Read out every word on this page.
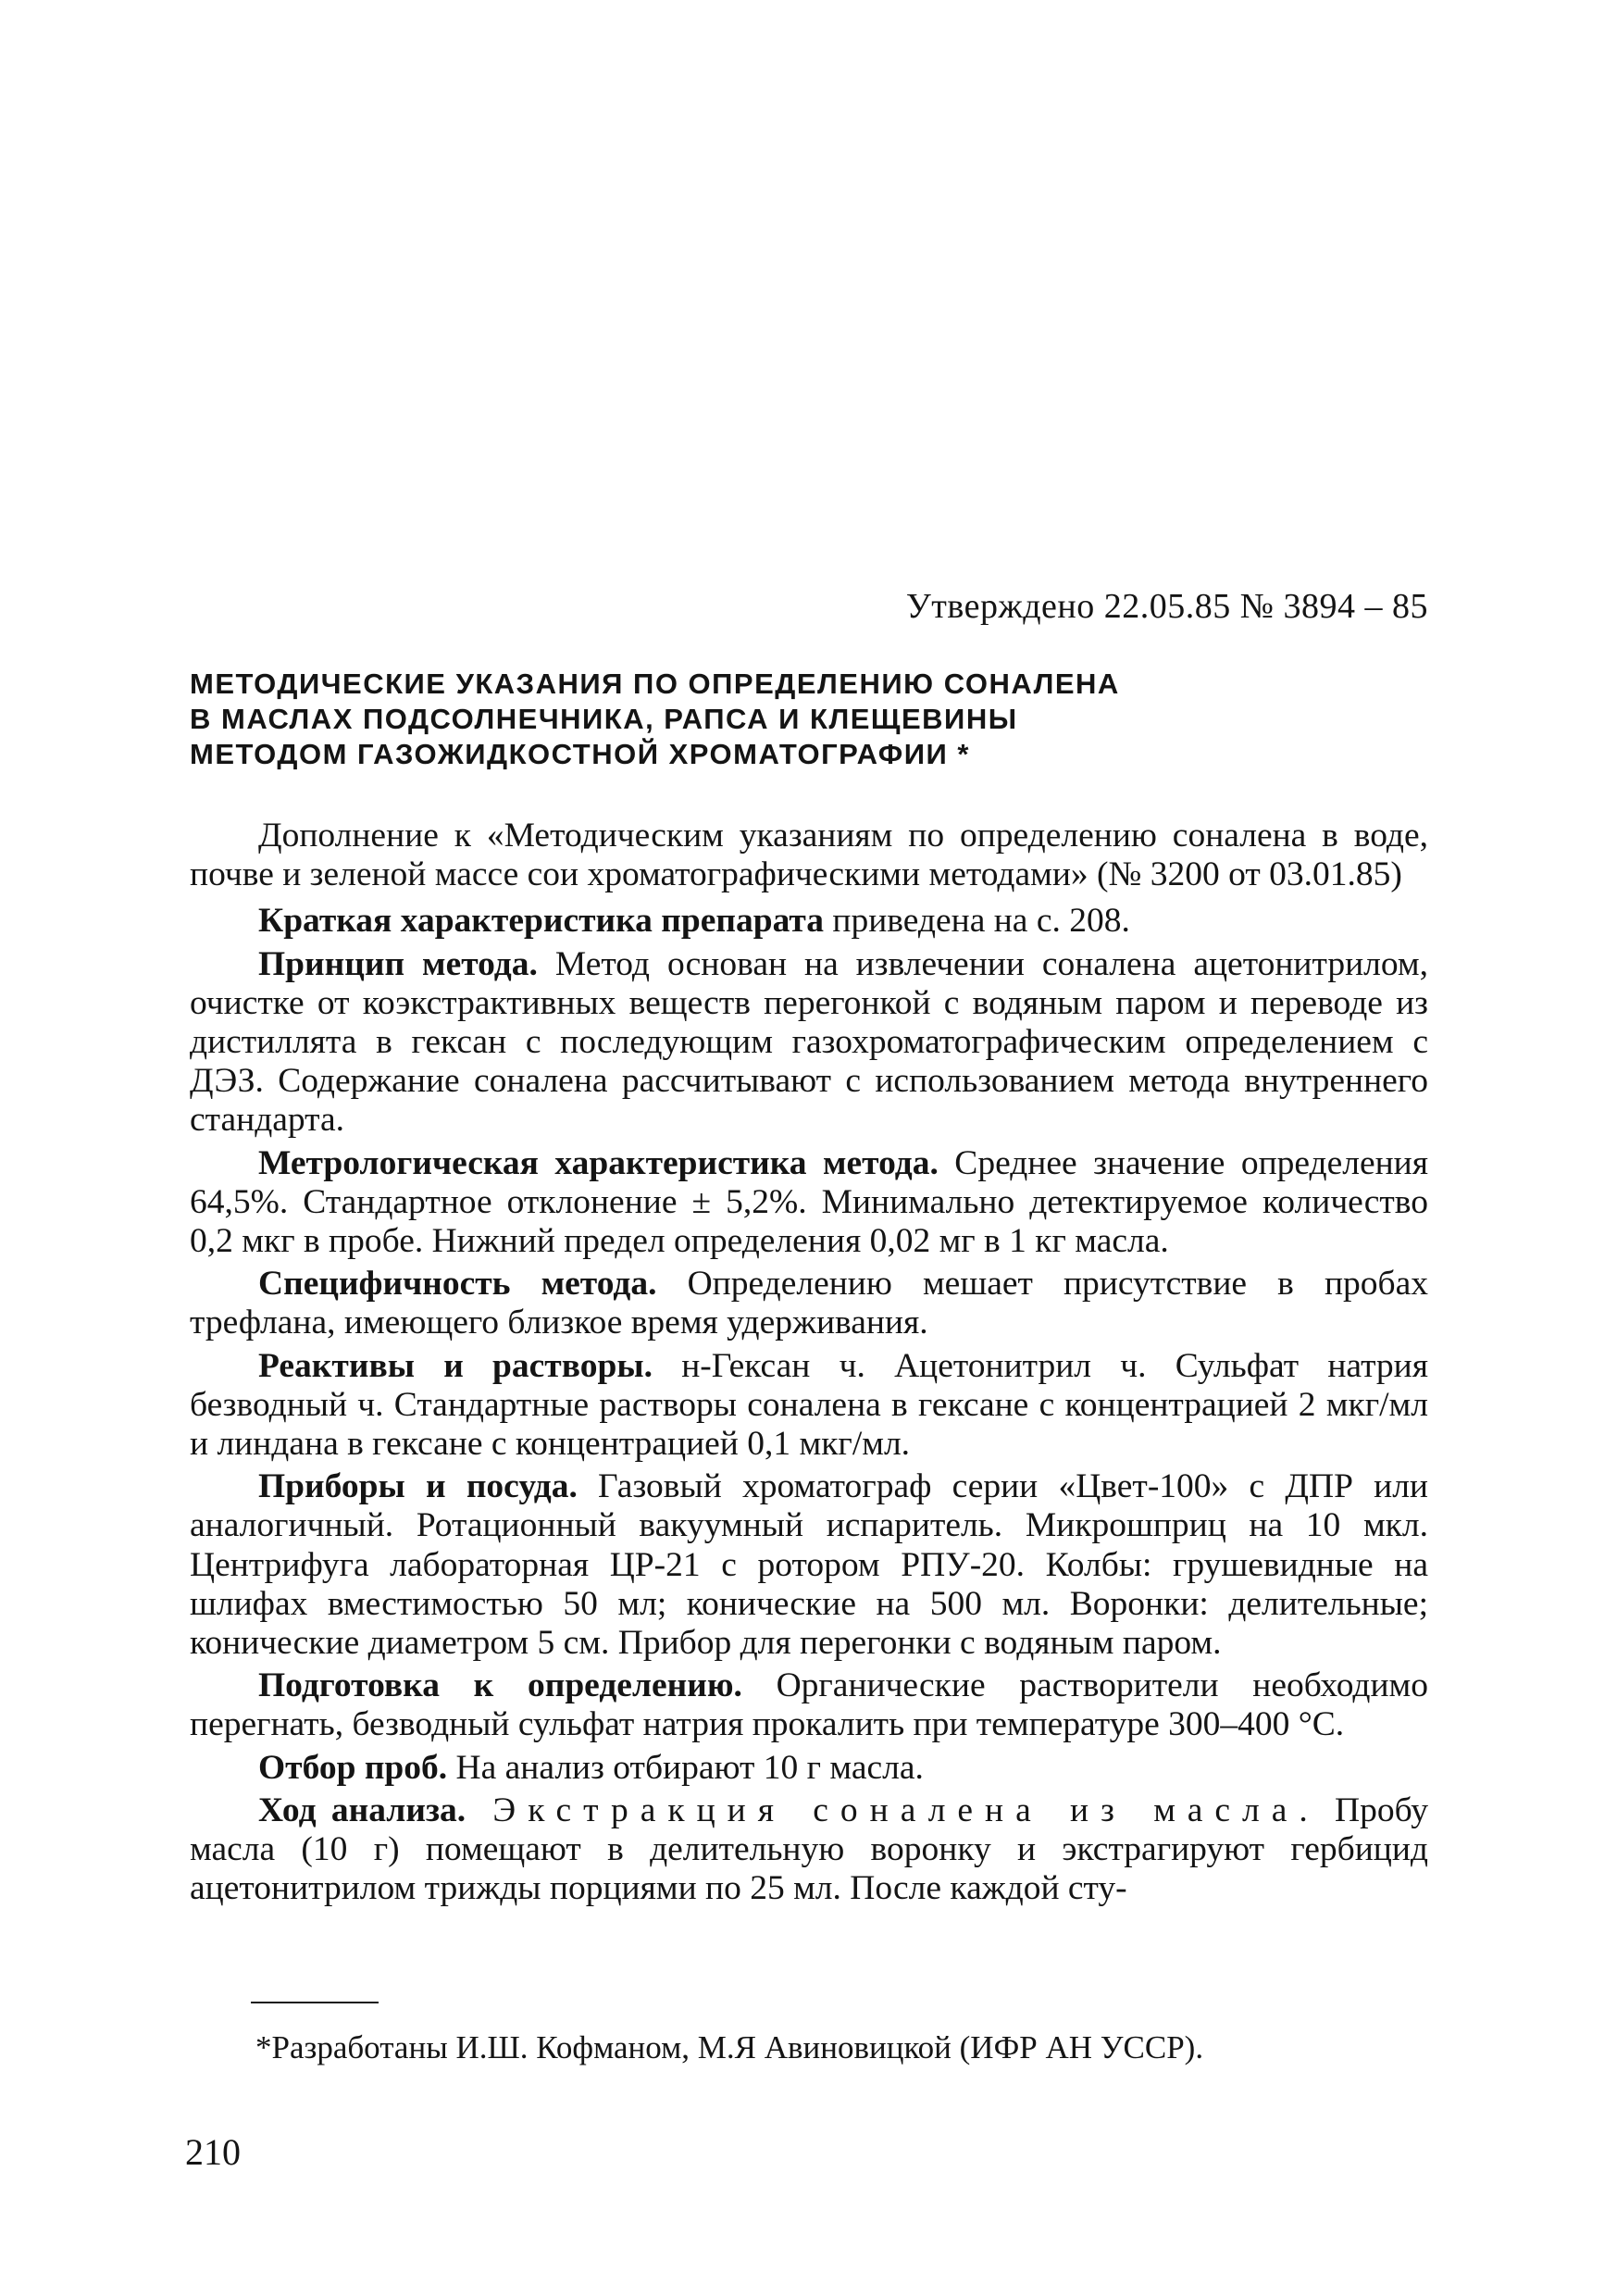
Утверждено 22.05.85 № 3894 – 85
МЕТОДИЧЕСКИЕ УКАЗАНИЯ ПО ОПРЕДЕЛЕНИЮ СОНАЛЕНА
В МАСЛАХ ПОДСОЛНЕЧНИКА, РАПСА И КЛЕЩЕВИНЫ
МЕТОДОМ ГАЗОЖИДКОСТНОЙ ХРОМАТОГРАФИИ *

Дополнение к «Методическим указаниям по определению соналена в воде, почве и зеленой массе сои хроматографическими методами» (№ 3200 от 03.01.85)

Краткая характеристика препарата приведена на с. 208.

Принцип метода. Метод основан на извлечении соналена ацетонитрилом, очистке от коэкстрактивных веществ перегонкой с водяным паром и переводе из дистиллята в гексан с последующим газохроматографическим определением с ДЭЗ. Содержание соналена рассчитывают с использованием метода внутреннего стандарта.

Метрологическая характеристика метода. Среднее значение определения 64,5%. Стандартное отклонение ± 5,2%. Минимально детектируемое количество 0,2 мкг в пробе. Нижний предел определения 0,02 мг в 1 кг масла.

Специфичность метода. Определению мешает присутствие в пробах трефлана, имеющего близкое время удерживания.

Реактивы и растворы. н-Гексан ч. Ацетонитрил ч. Сульфат натрия безводный ч. Стандартные растворы соналена в гексане с концентрацией 2 мкг/мл и линдана в гексане с концентрацией 0,1 мкг/мл.

Приборы и посуда. Газовый хроматограф серии «Цвет-100» с ДПР или аналогичный. Ротационный вакуумный испаритель. Микрошприц на 10 мкл. Центрифуга лабораторная ЦР-21 с ротором РПУ-20. Колбы: грушевидные на шлифах вместимостью 50 мл; конические на 500 мл. Воронки: делительные; конические диаметром 5 см. Прибор для перегонки с водяным паром.

Подготовка к определению. Органические растворители необходимо перегнать, безводный сульфат натрия прокалить при температуре 300–400 °С.

Отбор проб. На анализ отбирают 10 г масла.

Ход анализа. Экстракция соналена из масла. Пробу масла (10 г) помещают в делительную воронку и экстрагируют гербицид ацетонитрилом трижды порциями по 25 мл. После каждой сту-

*Разработаны И.Ш. Кофманом, М.Я Авиновицкой (ИФР АН УССР).
210
